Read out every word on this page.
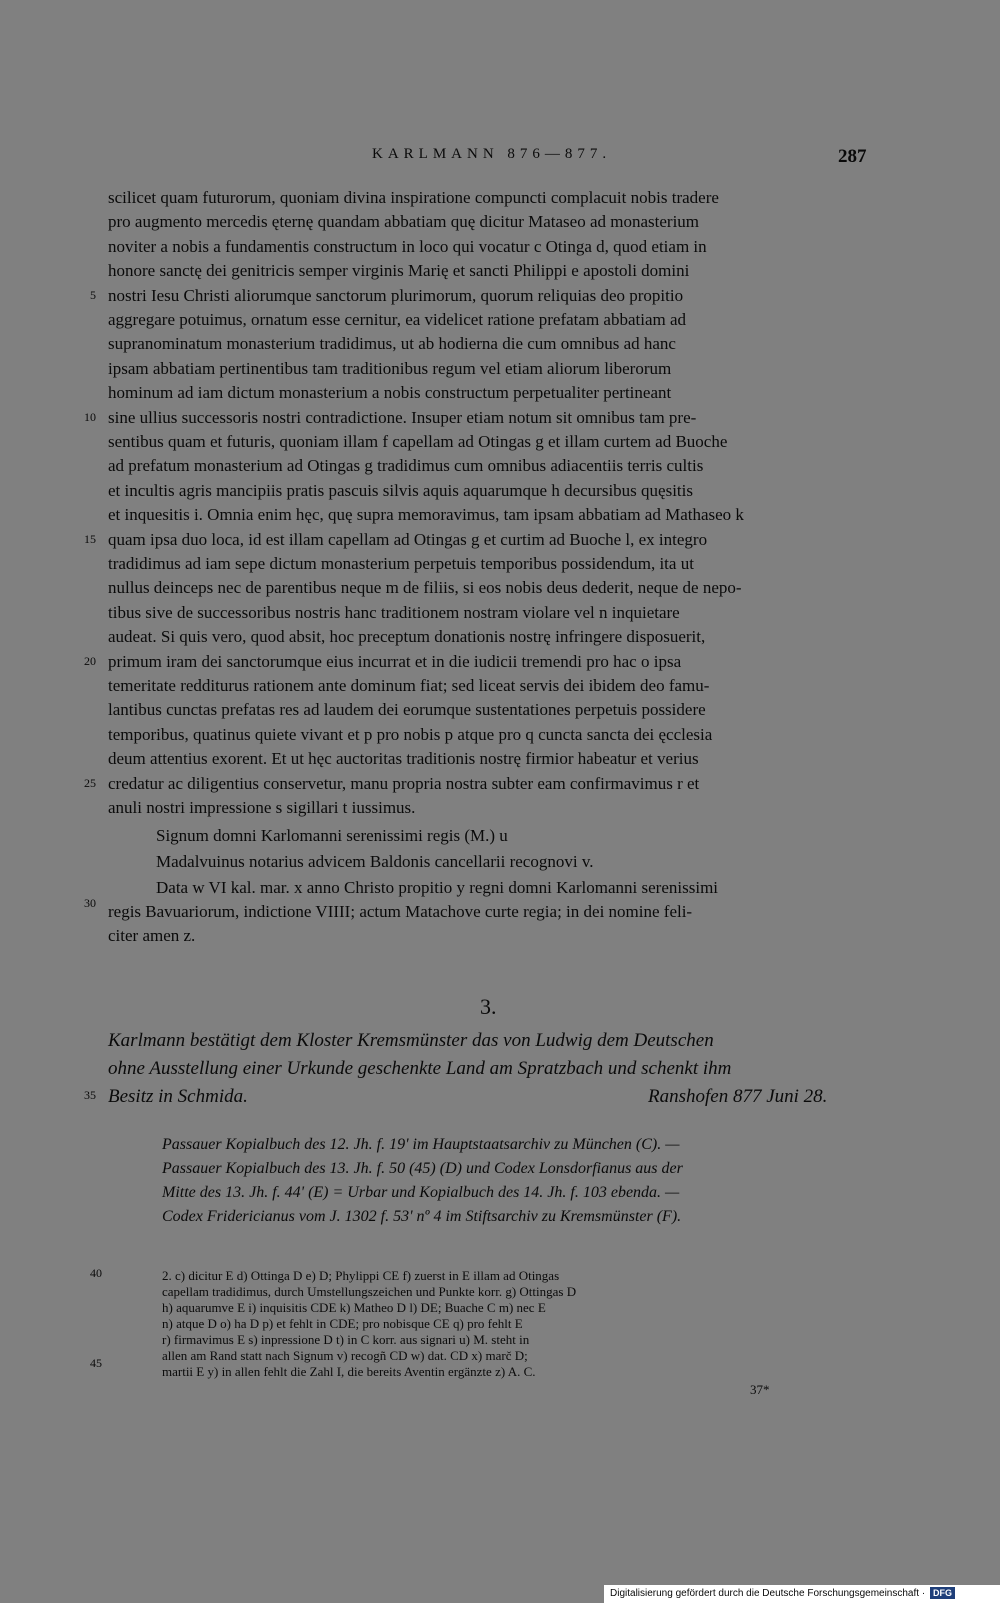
KARLMANN 876—877.	287
scilicet quam futurorum, quoniam divina inspiratione compuncti complacuit nobis tradere
pro augmento mercedis ęternę quandam abbatiam quę dicitur Mataseo ad monasterium
noviter a nobis a fundamentis constructum in loco qui vocatur c Otinga d, quod etiam in
honore sanctę dei genitricis semper virginis Marię et sancti Philippi e apostoli domini
nostri Iesu Christi aliorumque sanctorum plurimorum, quorum reliquias deo propitio
aggregare potuimus, ornatum esse cernitur, ea videlicet ratione prefatam abbatiam ad
supranominatum monasterium tradidimus, ut ab hodierna die cum omnibus ad hanc
ipsam abbatiam pertinentibus tam traditionibus regum vel etiam aliorum liberorum
hominum ad iam dictum monasterium a nobis constructum perpetualiter pertineant
sine ullius successoris nostri contradictione. Insuper etiam notum sit omnibus tam pre-
sentibus quam et futuris, quoniam illam f capellam ad Otingas g et illam curtem ad Buoche
ad prefatum monasterium ad Otingas g tradidimus cum omnibus adiacentiis terris cultis
et incultis agris mancipiis pratis pascuis silvis aquis aquarumque h decursibus quęsitis
et inquesitis i. Omnia enim hęc, quę supra memoravimus, tam ipsam abbatiam ad Mathaseo k
quam ipsa duo loca, id est illam capellam ad Otingas g et curtim ad Buoche l, ex integro
tradidimus ad iam sepe dictum monasterium perpetuis temporibus possidendum, ita ut
nullus deinceps nec de parentibus neque m de filiis, si eos nobis deus dederit, neque de nepo-
tibus sive de successoribus nostris hanc traditionem nostram violare vel n inquietare
audeat. Si quis vero, quod absit, hoc preceptum donationis nostrę infringere disposuerit,
primum iram dei sanctorumque eius incurrat et in die iudicii tremendi pro hac o ipsa
temeritate redditurus rationem ante dominum fiat; sed liceat servis dei ibidem deo famu-
lantibus cunctas prefatas res ad laudem dei eorumque sustentationes perpetuis possidere
temporibus, quatinus quiete vivant et p pro nobis p atque pro q cuncta sancta dei ęcclesia
deum attentius exorent. Et ut hęc auctoritas traditionis nostrę firmior habeatur et verius
credatur ac diligentius conservetur, manu propria nostra subter eam confirmavimus r et
anuli nostri impressione s sigillari t iussimus.
5
10
15
20
25
30
35
40
45
Signum domni Karlomanni serenissimi regis (M.) u
Madalvuinus notarius advicem Baldonis cancellarii recognovi v.
Data w VI kal. mar. x anno Christo propitio y regni domni Karlomanni serenissimi
regis Bavuariorum, indictione VIIII; actum Matachove curte regia; in dei nomine feli-
citer amen z.
3.
Karlmann bestätigt dem Kloster Kremsmünster das von Ludwig dem Deutschen
ohne Ausstellung einer Urkunde geschenkte Land am Spratzbach und schenkt ihm
Besitz in Schmida.	Ranshofen 877 Juni 28.
Passauer Kopialbuch des 12. Jh. f. 19' im Hauptstaatsarchiv zu München (C). —
Passauer Kopialbuch des 13. Jh. f. 50 (45) (D) und Codex Lonsdorfianus aus der
Mitte des 13. Jh. f. 44' (E) = Urbar und Kopialbuch des 14. Jh. f. 103 ebenda. —
Codex Fridericianus vom J. 1302 f. 53' nº 4 im Stiftsarchiv zu Kremsmünster (F).
2. c) dicitur E d) Ottinga D e) D; Phylippi CE f) zuerst in E illam ad Otingas
capellam tradidimus, durch Umstellungszeichen und Punkte korr. g) Ottingas D
h) aquarumve E i) inquisitis CDE k) Matheo D l) DE; Buache C m) nec E
n) atque D o) ha D p) et fehlt in CDE; pro nobisque CE q) pro fehlt E
r) firmavimus E s) inpressione D t) in C korr. aus signari u) M. steht in
allen am Rand statt nach Signum v) recogñ CD w) dat. CD x) marč D;
martii E y) in allen fehlt die Zahl I, die bereits Aventin ergänzte z) A. C.
37*
Digitalisierung gefördert durch die Deutsche Forschungsgemeinschaft · DFG
